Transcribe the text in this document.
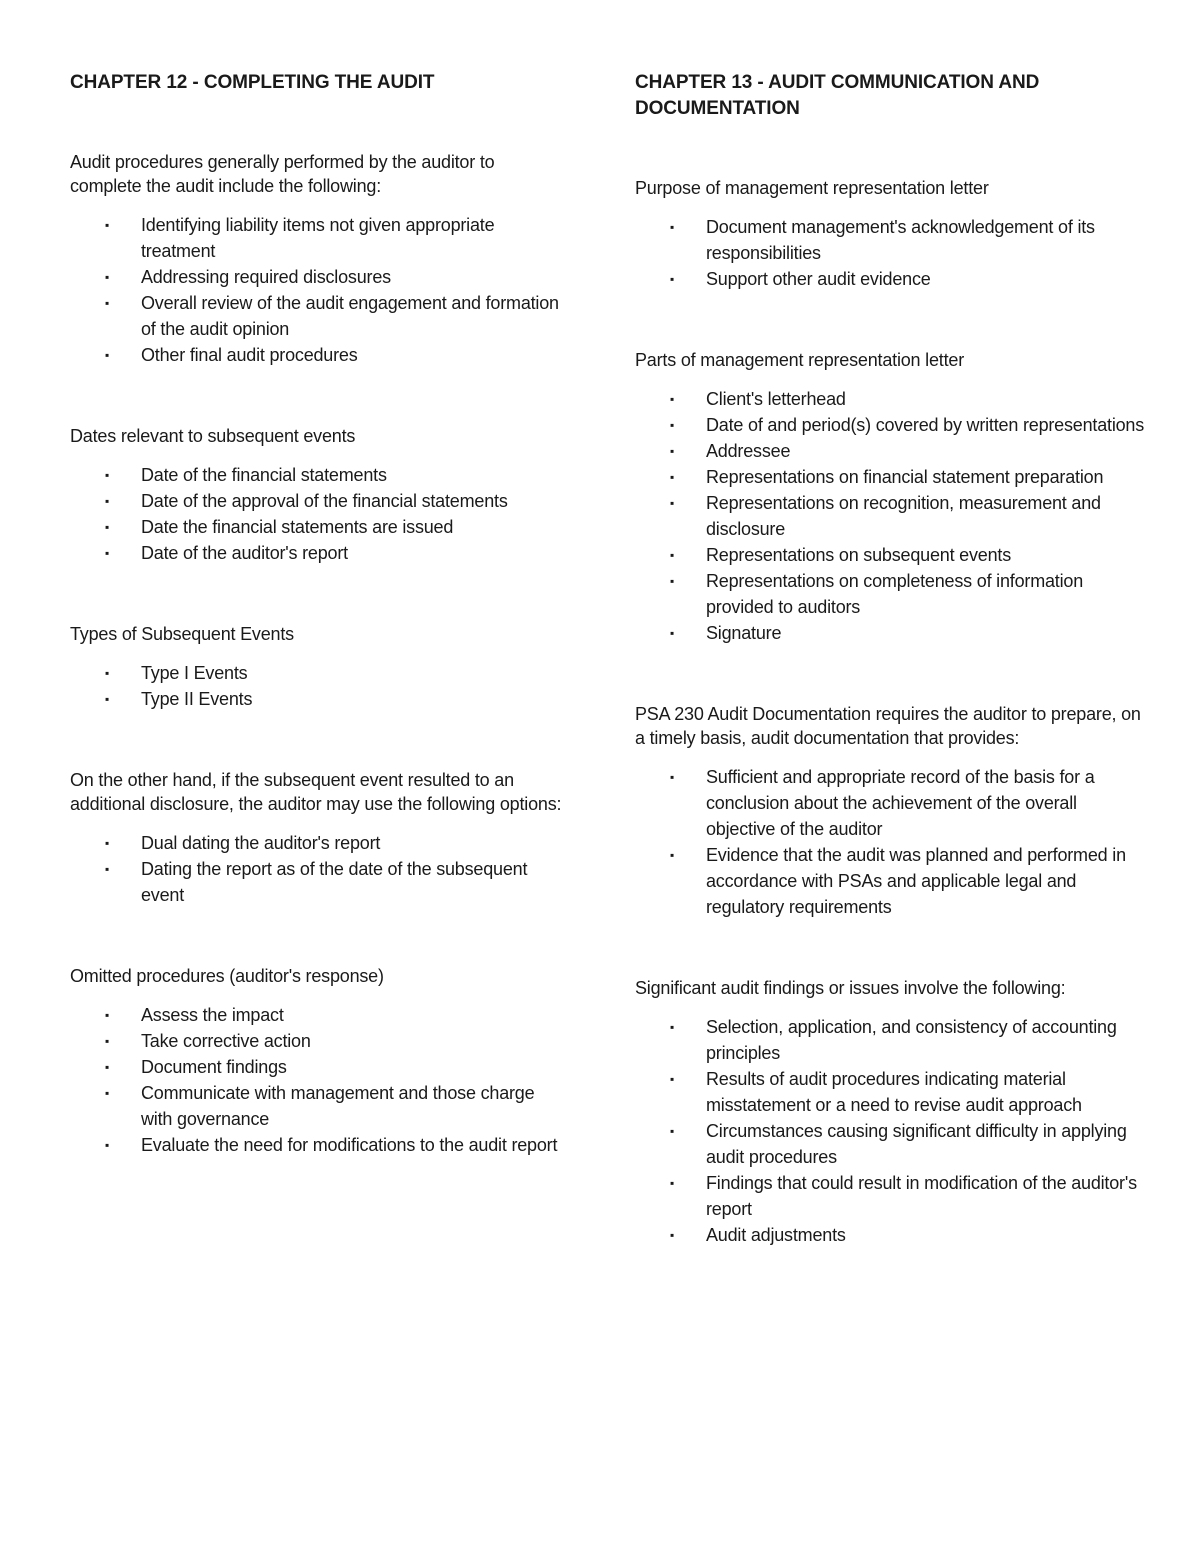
CHAPTER 12 - COMPLETING THE AUDIT

Audit procedures generally performed by the auditor to complete the audit include the following:

▪ Identifying liability items not given appropriate treatment
▪ Addressing required disclosures
▪ Overall review of the audit engagement and formation of the audit opinion
▪ Other final audit procedures

Dates relevant to subsequent events

▪ Date of the financial statements
▪ Date of the approval of the financial statements
▪ Date the financial statements are issued
▪ Date of the auditor's report

Types of Subsequent Events

▪ Type I Events
▪ Type II Events

On the other hand, if the subsequent event resulted to an additional disclosure, the auditor may use the following options:

▪ Dual dating the auditor's report
▪ Dating the report as of the date of the subsequent event

Omitted procedures (auditor's response)

▪ Assess the impact
▪ Take corrective action
▪ Document findings
▪ Communicate with management and those charge with governance
▪ Evaluate the need for modifications to the audit report
CHAPTER 13 - AUDIT COMMUNICATION AND DOCUMENTATION

Purpose of management representation letter

▪ Document management's acknowledgement of its responsibilities
▪ Support other audit evidence

Parts of management representation letter

▪ Client's letterhead
▪ Date of and period(s) covered by written representations
▪ Addressee
▪ Representations on financial statement preparation
▪ Representations on recognition, measurement and disclosure
▪ Representations on subsequent events
▪ Representations on completeness of information provided to auditors
▪ Signature

PSA 230 Audit Documentation requires the auditor to prepare, on a timely basis, audit documentation that provides:

▪ Sufficient and appropriate record of the basis for a conclusion about the achievement of the overall objective of the auditor
▪ Evidence that the audit was planned and performed in accordance with PSAs and applicable legal and regulatory requirements

Significant audit findings or issues involve the following:

▪ Selection, application, and consistency of accounting principles
▪ Results of audit procedures indicating material misstatement or a need to revise audit approach
▪ Circumstances causing significant difficulty in applying audit procedures
▪ Findings that could result in modification of the auditor's report
▪ Audit adjustments
